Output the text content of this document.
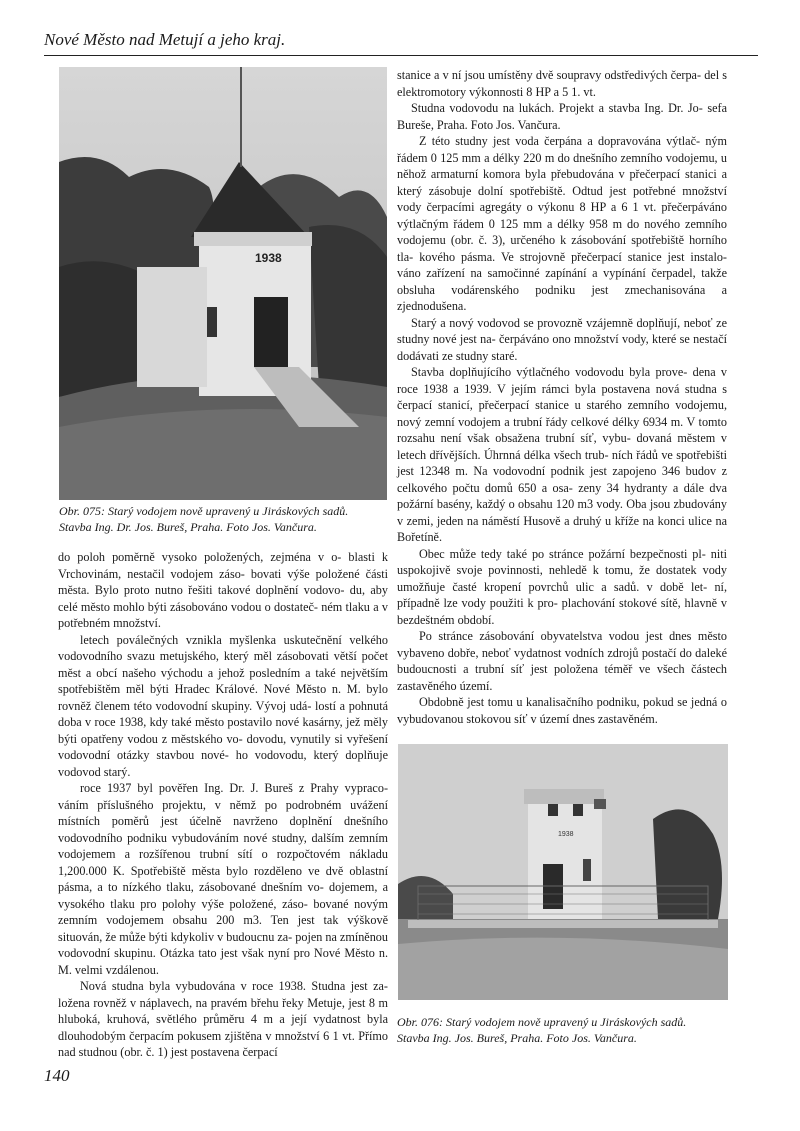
Nové Město nad Metují a jeho kraj.
1938
Obr. 075: Starý vodojem nově upravený u Jiráskových sadů.
Stavba Ing. Dr. Jos. Bureš, Praha. Foto Jos. Vančura.

do poloh poměrně vysoko položených, zejména v o- blasti k Vrchovinám, nestačil vodojem záso- bovati výše položené části města. Bylo proto nutno řešiti takové doplnění vodovo- du, aby celé město mohlo býti zásobováno vodou o dostateč- ném tlaku a v potřebném množství.

letech poválečných vznikla myšlenka uskutečnění velkého vodovodního svazu metujského, který měl zásobovati větší počet měst a obcí našeho východu a jehož posledním a také největším spotřebištěm měl býti Hradec Králové. Nové Město n. M. bylo rovněž členem této vodovodní skupiny. Vývoj udá- lostí a pohnutá doba v roce 1938, kdy také město postavilo nové kasárny, jež měly býti opatřeny vodou z městského vo- dovodu, vynutily si vyřešení vodovodní otázky stavbou nové- ho vodovodu, který doplňuje vodovod starý.

roce 1937 byl pověřen Ing. Dr. J. Bureš z Prahy vypraco- váním příslušného projektu, v němž po podrobném uvážení místních poměrů jest účelně navrženo doplnění dnešního vodovodního podniku vybudováním nové studny, dalším zemním vodojemem a rozšířenou trubní sítí o rozpočtovém nákladu 1,200.000 K. Spotřebiště města bylo rozděleno ve dvě oblastní pásma, a to nízkého tlaku, zásobované dnešním vo- dojemem, a vysokého tlaku pro polohy výše položené, záso- bované novým zemním vodojemem obsahu 200 m3. Ten jest tak výškově situován, že může býti kdykoliv v budoucnu za- pojen na zmíněnou vodovodní skupinu. Otázka tato jest však nyní pro Nové Město n. M. velmi vzdálenou.

Nová studna byla vybudována v roce 1938. Studna jest za- ložena rovněž v náplavech, na pravém břehu řeky Metuje, jest 8 m hluboká, kruhová, světlého průměru 4 m a její vydatnost byla dlouhodobým čerpacím pokusem zjištěna v množství 6 1 vt. Přímo nad studnou (obr. č. 1) jest postavena čerpací

stanice a v ní jsou umístěny dvě soupravy odstředivých čerpa- del s elektromotory výkonnosti 8 HP a 5 1. vt.

Studna vodovodu na lukách. Projekt a stavba Ing. Dr. Jo- sefa Bureše, Praha. Foto Jos. Vančura.

Z této studny jest voda čerpána a dopravována výtlač- ným řádem 0 125 mm a délky 220 m do dnešního zemního vodojemu, u něhož armaturní komora byla přebudována v přečerpací stanici a který zásobuje dolní spotřebiště. Odtud jest potřebné množství vody čerpacími agregáty o výkonu 8 HP a 6 1 vt. přečerpáváno výtlačným řádem 0 125 mm a délky 958 m do nového zemního vodojemu (obr. č. 3), určeného k zásobování spotřebiště horního tla- kového pásma. Ve strojovně přečerpací stanice jest instalo- váno zařízení na samočinné zapínání a vypínání čerpadel, takže obsluha vodárenského podniku jest zmechanisována a zjednodušena.

Starý a nový vodovod se provozně vzájemně doplňují, neboť ze studny nové jest na- čerpáváno ono množství vody, které se nestačí dodávati ze studny staré.

Stavba doplňujícího výtlačného vodovodu byla prove- dena v roce 1938 a 1939. V jejím rámci byla postavena nová studna s čerpací stanicí, přečerpací stanice u starého zemního vodojemu, nový zemní vodojem a trubní řády celkové délky 6934 m. V tomto rozsahu není však obsažena trubní síť, vybu- dovaná městem v letech dřívějších. Úhrnná délka všech trub- ních řádů ve spotřebišti jest 12348 m. Na vodovodní podnik jest zapojeno 346 budov z celkového počtu domů 650 a osa- zeny 34 hydranty a dále dva požární basény, každý o obsahu 120 m3 vody. Oba jsou zbudovány v zemi, jeden na náměstí Husově a druhý u kříže na konci ulice na Bořetíně.

Obec může tedy také po stránce požární bezpečnosti pl- niti uspokojivě svoje povinnosti, nehledě k tomu, že dostatek vody umožňuje časté kropení povrchů ulic a sadů. v době let- ní, případně lze vody použiti k pro- plachování stokové sítě, hlavně v bezdeštném období.

Po stránce zásobování obyvatelstva vodou jest dnes město vybaveno dobře, neboť vydatnost vodních zdrojů postačí do daleké budoucnosti a trubní síť jest položena téměř ve všech částech zastavěného území.

Obdobně jest tomu u kanalisačního podniku, pokud se jedná o vybudovanou stokovou síť v území dnes zastavěném.

1938
Obr. 076: Starý vodojem nově upravený u Jiráskových sadů.
Stavba Ing. Jos. Bureš, Praha. Foto Jos. Vančura.
140
